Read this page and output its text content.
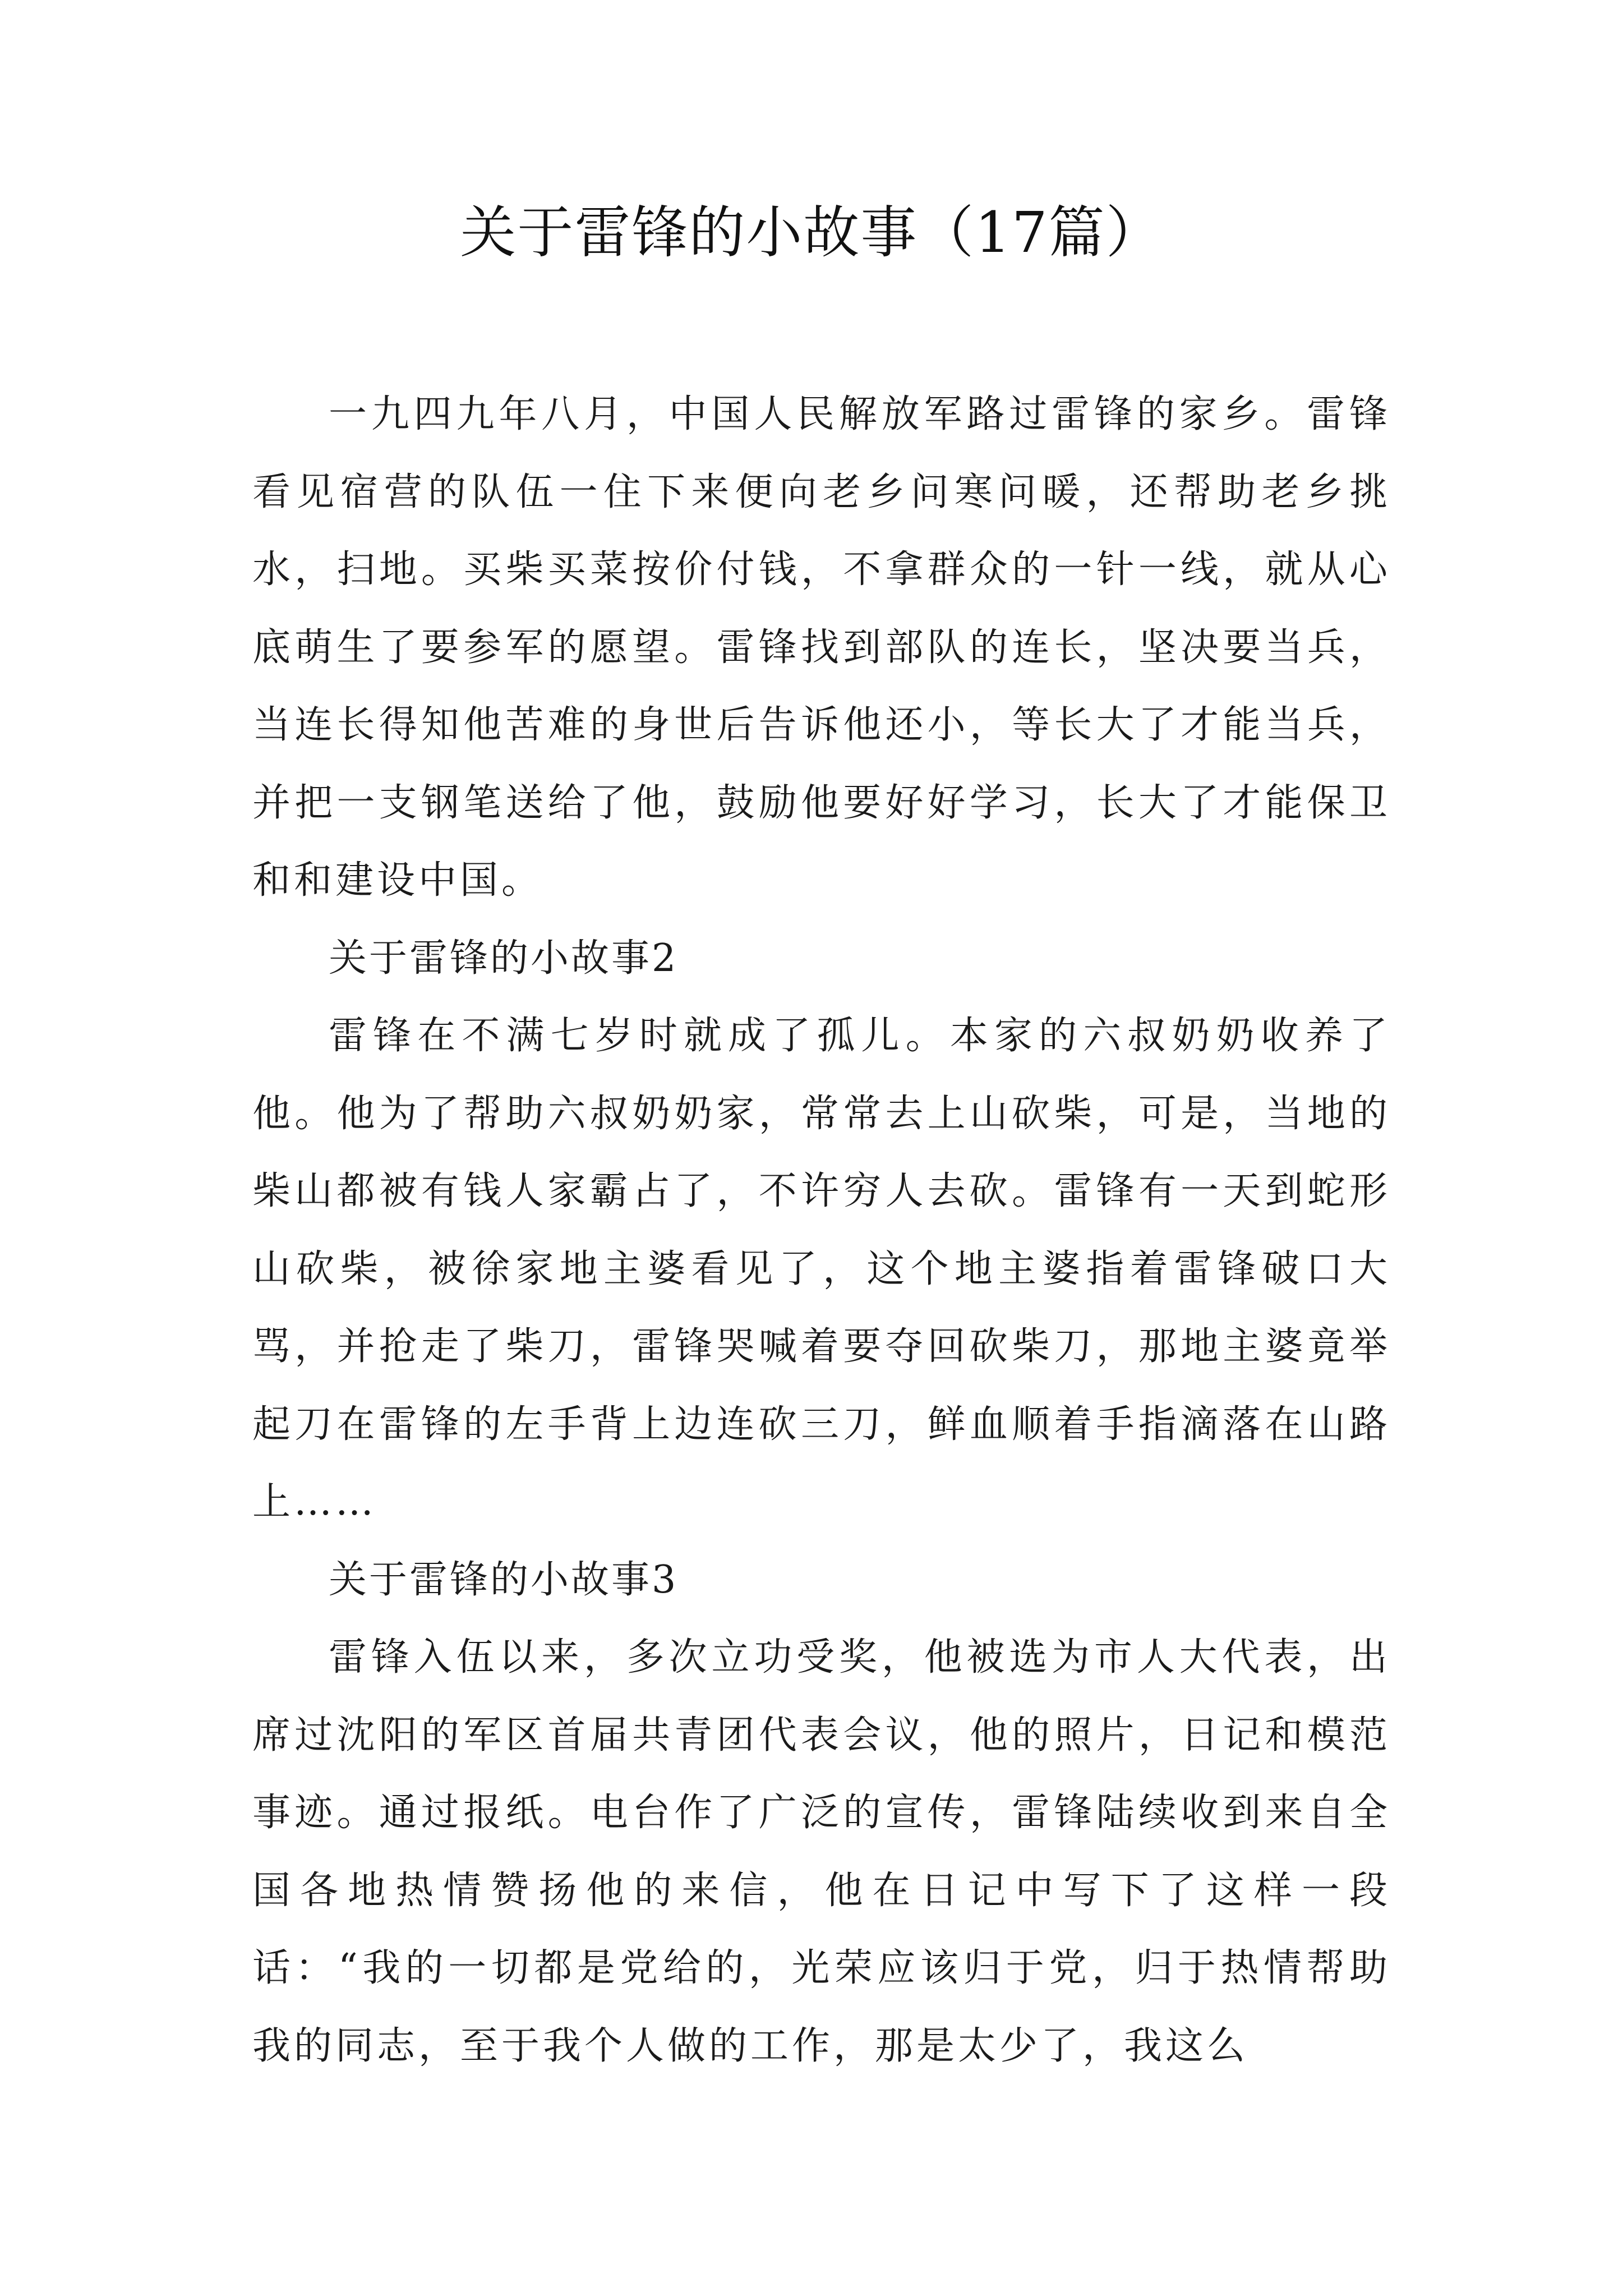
关于雷锋的小故事（17篇）

一九四九年八月，中国人民解放军路过雷锋的家乡。雷锋看见宿营的队伍一住下来便向老乡问寒问暖，还帮助老乡挑水，扫地。买柴买菜按价付钱，不拿群众的一针一线，就从心底萌生了要参军的愿望。雷锋找到部队的连长，坚决要当兵，当连长得知他苦难的身世后告诉他还小，等长大了才能当兵，并把一支钢笔送给了他，鼓励他要好好学习，长大了才能保卫和和建设中国。

关于雷锋的小故事2

雷锋在不满七岁时就成了孤儿。本家的六叔奶奶收养了他。他为了帮助六叔奶奶家，常常去上山砍柴，可是，当地的柴山都被有钱人家霸占了，不许穷人去砍。雷锋有一天到蛇形山砍柴，被徐家地主婆看见了，这个地主婆指着雷锋破口大骂，并抢走了柴刀，雷锋哭喊着要夺回砍柴刀，那地主婆竟举起刀在雷锋的左手背上边连砍三刀，鲜血顺着手指滴落在山路上……

关于雷锋的小故事3

雷锋入伍以来，多次立功受奖，他被选为市人大代表，出席过沈阳的军区首届共青团代表会议，他的照片，日记和模范事迹。通过报纸。电台作了广泛的宣传，雷锋陆续收到来自全国各地热情赞扬他的来信，他在日记中写下了这样一段话：“我的一切都是党给的，光荣应该归于党，归于热情帮助我的同志，至于我个人做的工作，那是太少了，我这么
